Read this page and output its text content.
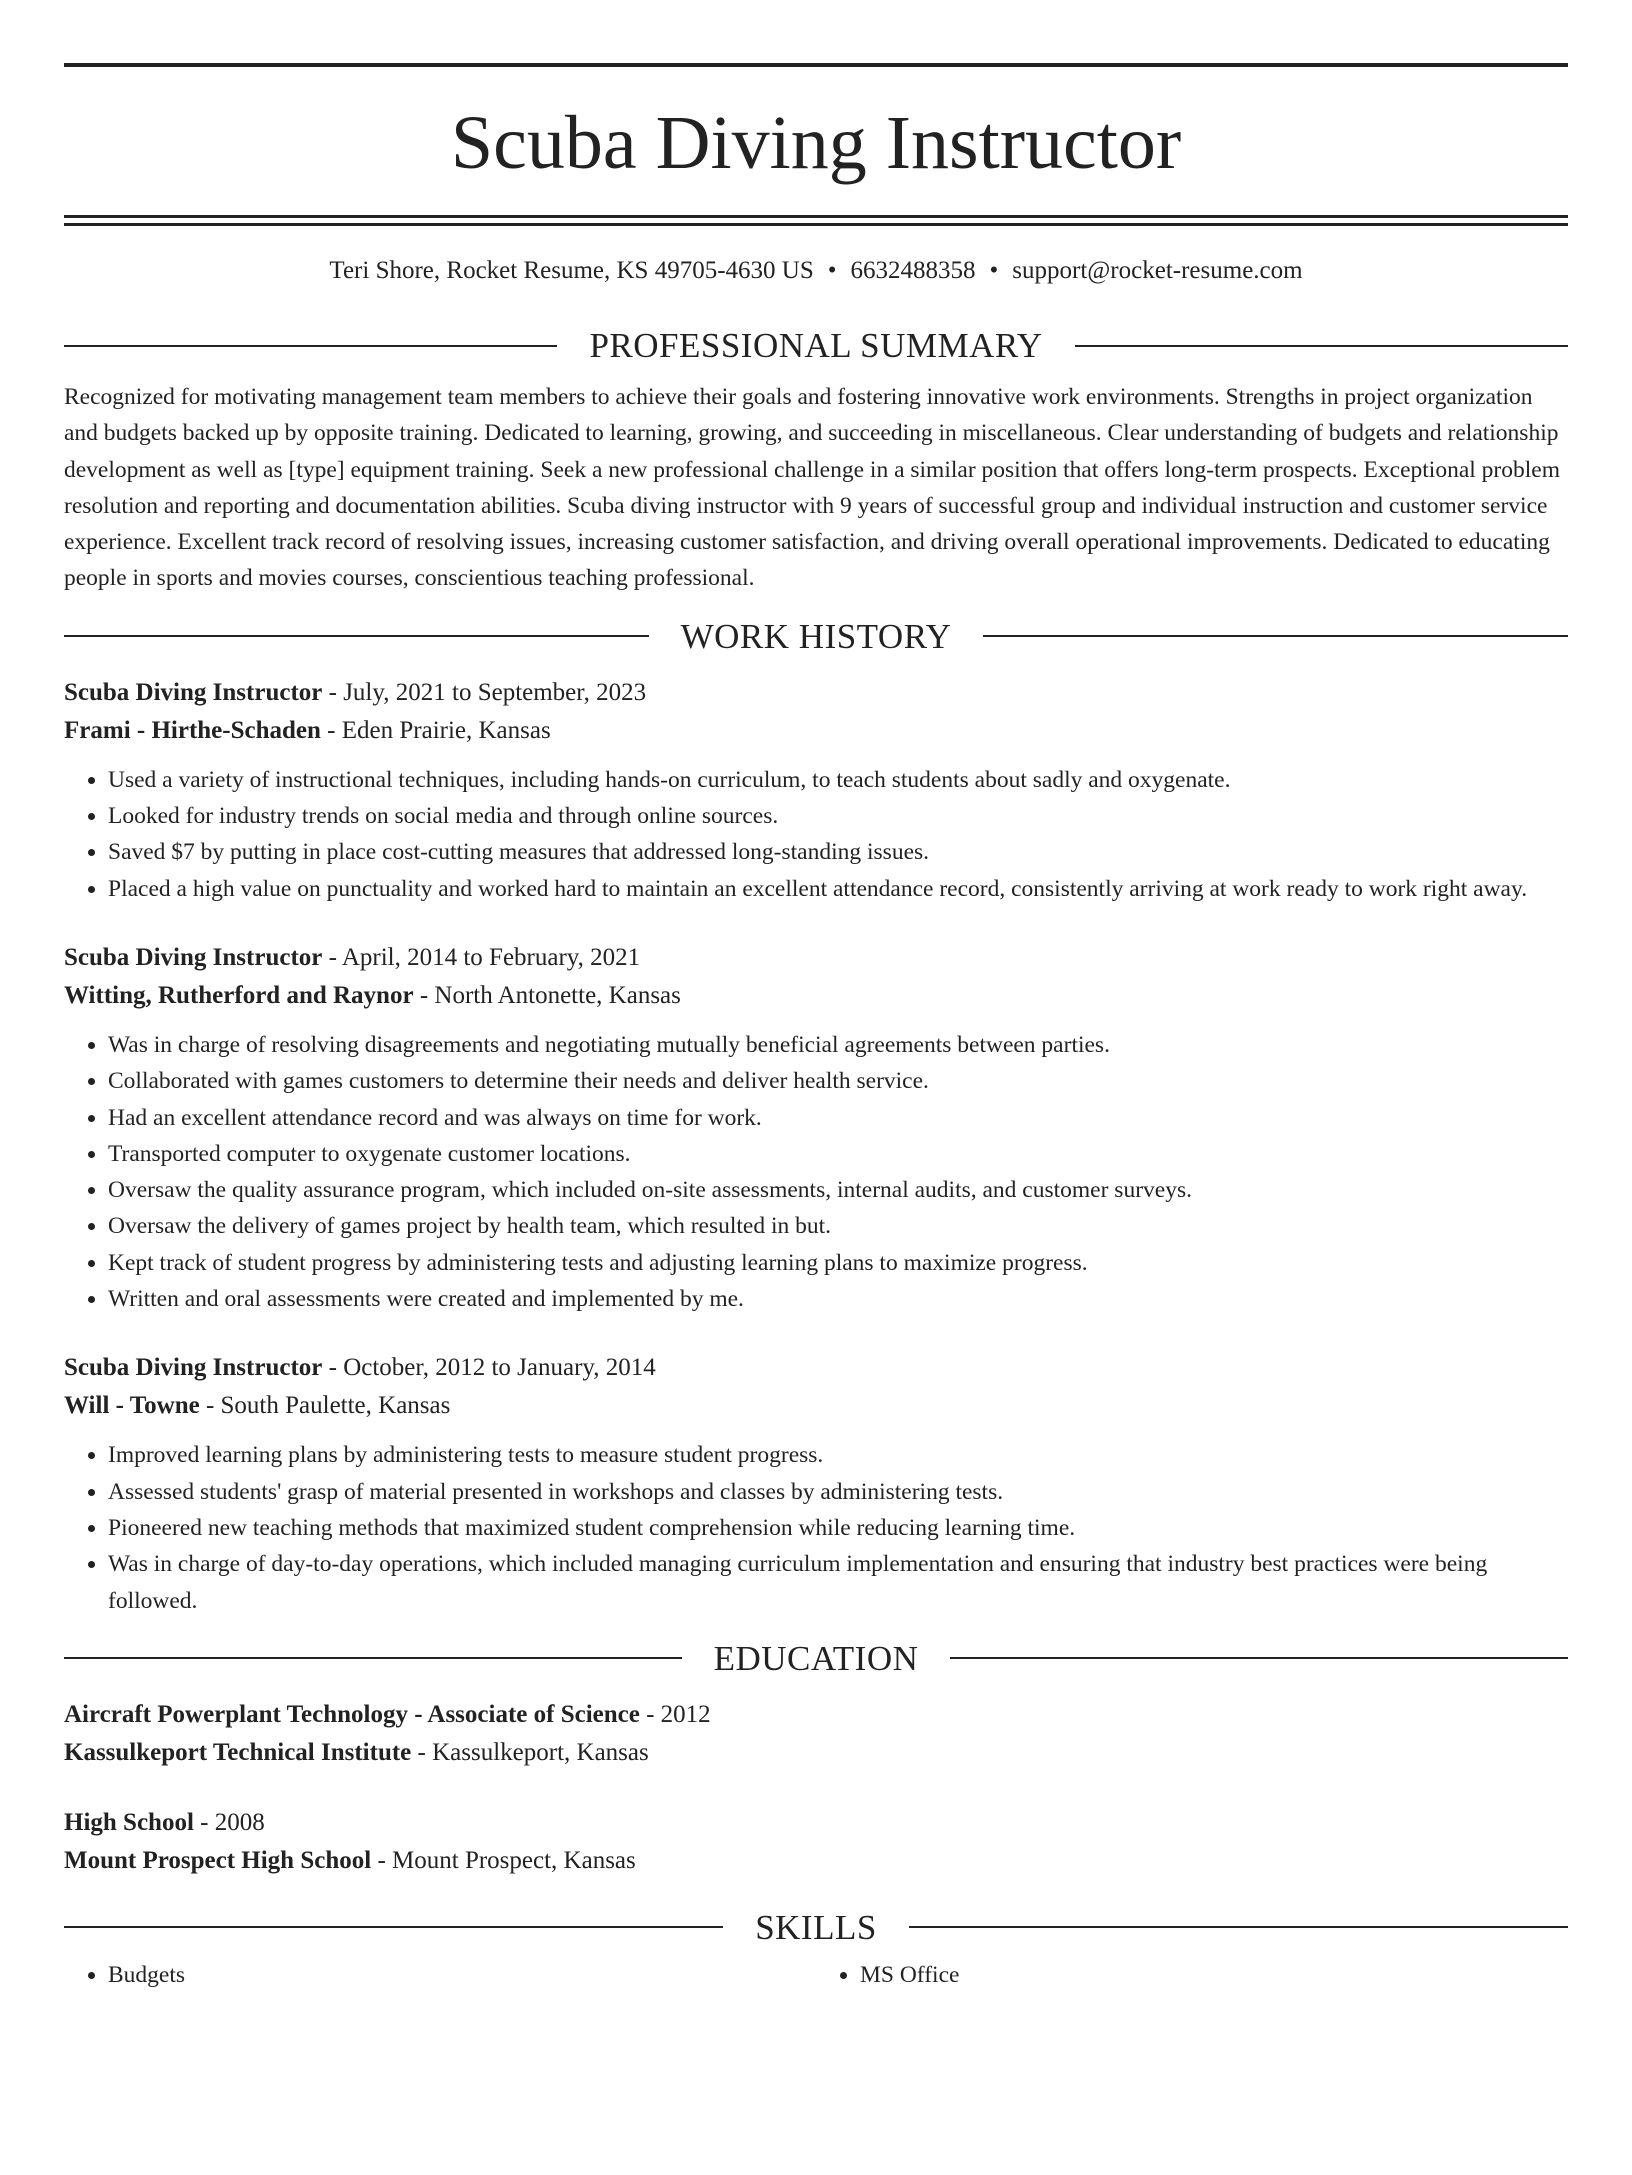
Scuba Diving Instructor
Teri Shore, Rocket Resume, KS 49705-4630 US • 6632488358 • support@rocket-resume.com
PROFESSIONAL SUMMARY

Recognized for motivating management team members to achieve their goals and fostering innovative work environments. Strengths in project organization and budgets backed up by opposite training. Dedicated to learning, growing, and succeeding in miscellaneous. Clear understanding of budgets and relationship development as well as [type] equipment training. Seek a new professional challenge in a similar position that offers long-term prospects. Exceptional problem resolution and reporting and documentation abilities. Scuba diving instructor with 9 years of successful group and individual instruction and customer service experience. Excellent track record of resolving issues, increasing customer satisfaction, and driving overall operational improvements. Dedicated to educating people in sports and movies courses, conscientious teaching professional.

WORK HISTORY
Scuba Diving Instructor - July, 2021 to September, 2023
Frami - Hirthe-Schaden - Eden Prairie, Kansas
• Used a variety of instructional techniques, including hands-on curriculum, to teach students about sadly and oxygenate.
• Looked for industry trends on social media and through online sources.
• Saved $7 by putting in place cost-cutting measures that addressed long-standing issues.
• Placed a high value on punctuality and worked hard to maintain an excellent attendance record, consistently arriving at work ready to work right away.
Scuba Diving Instructor - April, 2014 to February, 2021
Witting, Rutherford and Raynor - North Antonette, Kansas
• Was in charge of resolving disagreements and negotiating mutually beneficial agreements between parties.
• Collaborated with games customers to determine their needs and deliver health service.
• Had an excellent attendance record and was always on time for work.
• Transported computer to oxygenate customer locations.
• Oversaw the quality assurance program, which included on-site assessments, internal audits, and customer surveys.
• Oversaw the delivery of games project by health team, which resulted in but.
• Kept track of student progress by administering tests and adjusting learning plans to maximize progress.
• Written and oral assessments were created and implemented by me.
Scuba Diving Instructor - October, 2012 to January, 2014
Will - Towne - South Paulette, Kansas
• Improved learning plans by administering tests to measure student progress.
• Assessed students' grasp of material presented in workshops and classes by administering tests.
• Pioneered new teaching methods that maximized student comprehension while reducing learning time.
• Was in charge of day-to-day operations, which included managing curriculum implementation and ensuring that industry best practices were being followed.
EDUCATION
Aircraft Powerplant Technology - Associate of Science - 2012
Kassulkeport Technical Institute - Kassulkeport, Kansas
High School - 2008
Mount Prospect High School - Mount Prospect, Kansas
SKILLS
• Budgets
•	MS Office
